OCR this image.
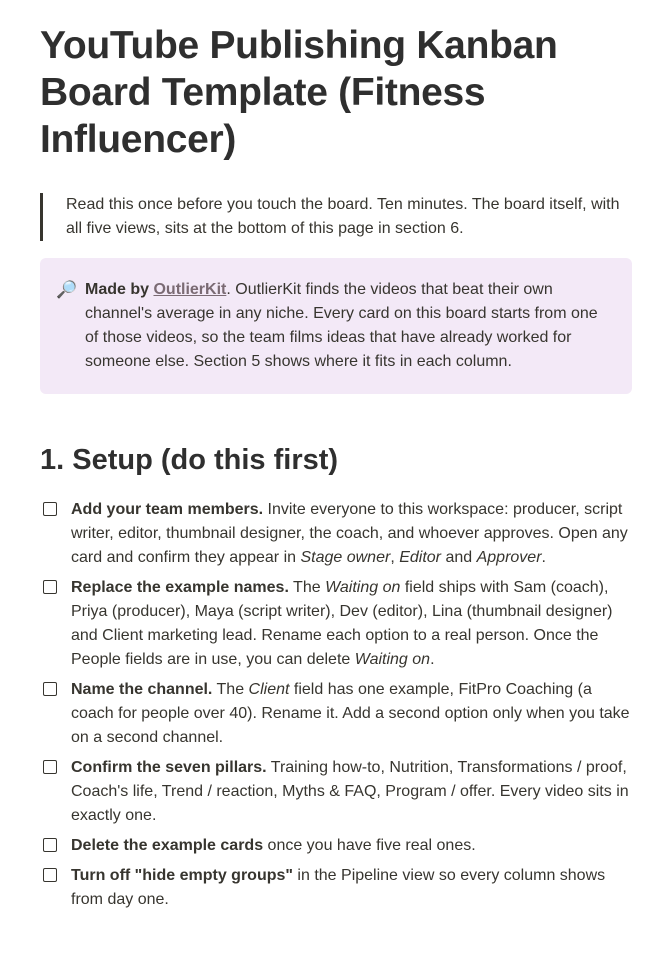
YouTube Publishing Kanban Board Template (Fitness Influencer)
Read this once before you touch the board. Ten minutes. The board itself, with all five views, sits at the bottom of this page in section 6.
🔎 Made by OutlierKit. OutlierKit finds the videos that beat their own channel's average in any niche. Every card on this board starts from one of those videos, so the team films ideas that have already worked for someone else. Section 5 shows where it fits in each column.
1. Setup (do this first)
Add your team members. Invite everyone to this workspace: producer, script writer, editor, thumbnail designer, the coach, and whoever approves. Open any card and confirm they appear in Stage owner, Editor and Approver.
Replace the example names. The Waiting on field ships with Sam (coach), Priya (producer), Maya (script writer), Dev (editor), Lina (thumbnail designer) and Client marketing lead. Rename each option to a real person. Once the People fields are in use, you can delete Waiting on.
Name the channel. The Client field has one example, FitPro Coaching (a coach for people over 40). Rename it. Add a second option only when you take on a second channel.
Confirm the seven pillars. Training how-to, Nutrition, Transformations / proof, Coach's life, Trend / reaction, Myths & FAQ, Program / offer. Every video sits in exactly one.
Delete the example cards once you have five real ones.
Turn off "hide empty groups" in the Pipeline view so every column shows from day one.
